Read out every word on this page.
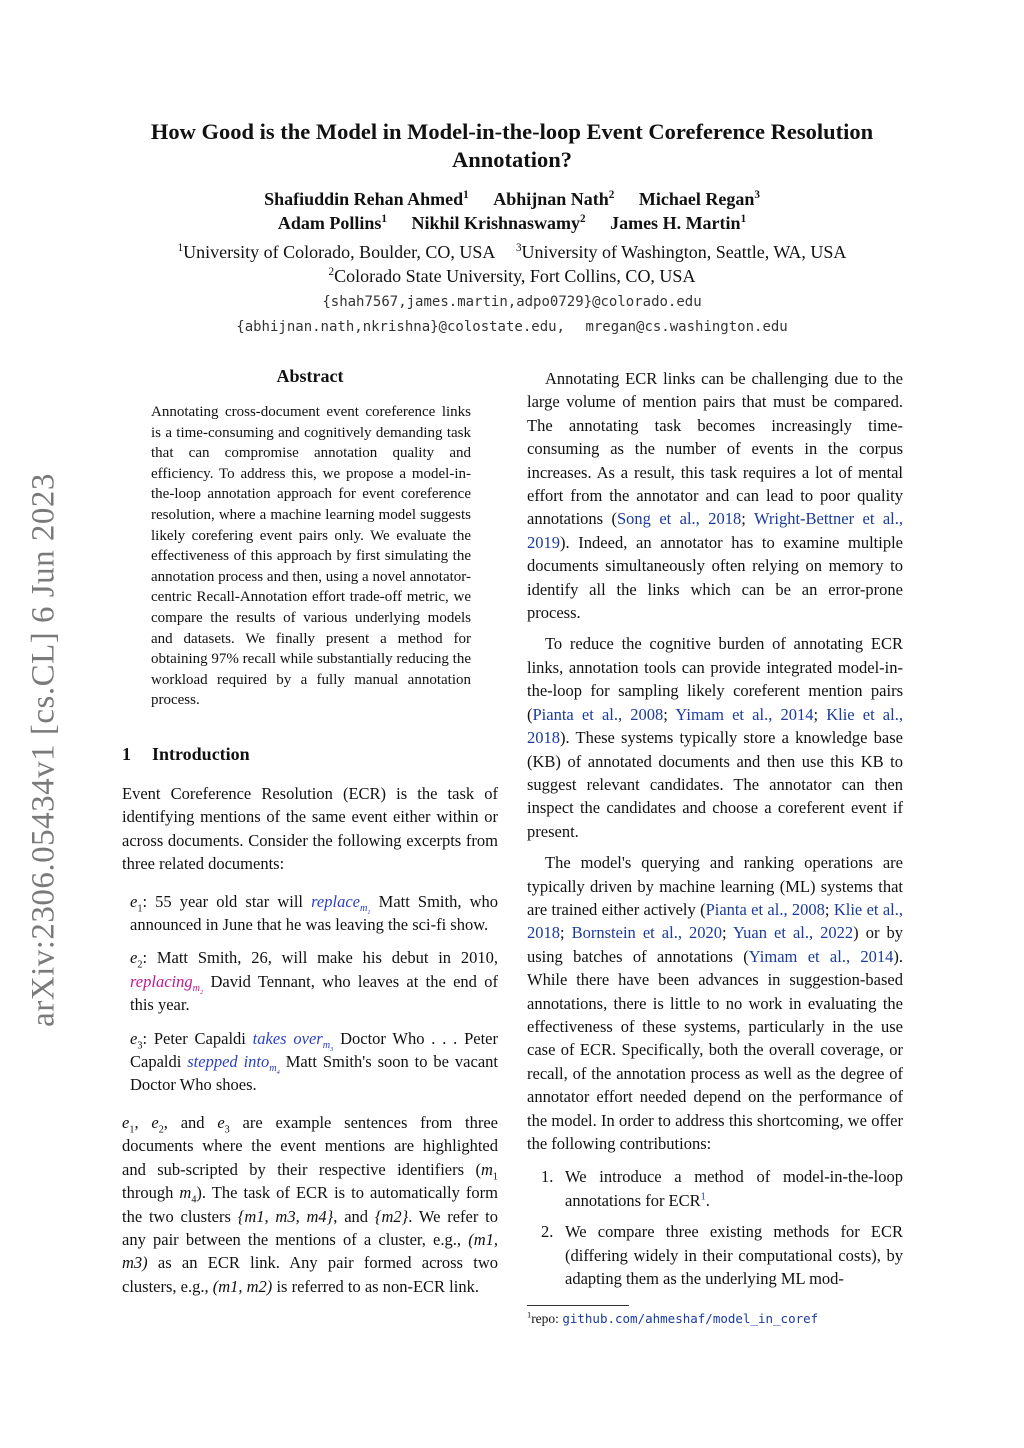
arXiv:2306.05434v1 [cs.CL] 6 Jun 2023
How Good is the Model in Model-in-the-loop Event Coreference Resolution
Annotation?
Shafiuddin Rehan Ahmed$^1$ Abhijnan Nath$^2$ Michael Regan$^3$
Adam Pollins$^1$ Nikhil Krishnaswamy$^2$ James H. Martin$^1$
$^1$University of Colorado, Boulder, CO, USA $^3$University of Washington, Seattle, WA, USA
$^2$Colorado State University, Fort Collins, CO, USA
{shah7567,james.martin,adpo0729}@colorado.edu
{abhijnan.nath,nkrishna}@colostate.edu, mregan@cs.washington.edu
Abstract
Annotating cross-document event coreference links is a time-consuming and cognitively demanding task that can compromise annotation quality and efficiency. To address this, we propose a model-in-the-loop annotation approach for event coreference resolution, where a machine learning model suggests likely corefering event pairs only. We evaluate the effectiveness of this approach by first simulating the annotation process and then, using a novel annotator-centric Recall-Annotation effort trade-off metric, we compare the results of various underlying models and datasets. We finally present a method for obtaining 97% recall while substantially reducing the workload required by a fully manual annotation process.
1 Introduction

Event Coreference Resolution (ECR) is the task of identifying mentions of the same event either within or across documents. Consider the following excerpts from three related documents:

$e_1$: 55 year old star will replace$_{m_1}$ Matt Smith, who announced in June that he was leaving the sci-fi show.
$e_2$: Matt Smith, 26, will make his debut in 2010, replacing$_{m_2}$ David Tennant, who leaves at the end of this year.
$e_3$: Peter Capaldi takes over$_{m_3}$ Doctor Who . . . Peter Capaldi stepped into$_{m_4}$ Matt Smith's soon to be vacant Doctor Who shoes.

$e_1$, $e_2$, and $e_3$ are example sentences from three documents where the event mentions are highlighted and sub-scripted by their respective identifiers ($m_1$ through $m_4$). The task of ECR is to automatically form the two clusters {m1, m3, m4}, and {m2}. We refer to any pair between the mentions of a cluster, e.g., (m1, m3) as an ECR link. Any pair formed across two clusters, e.g., (m1, m2) is referred to as non-ECR link.

Annotating ECR links can be challenging due to the large volume of mention pairs that must be compared. The annotating task becomes increasingly time-consuming as the number of events in the corpus increases. As a result, this task requires a lot of mental effort from the annotator and can lead to poor quality annotations (Song et al., 2018; Wright-Bettner et al., 2019). Indeed, an annotator has to examine multiple documents simultaneously often relying on memory to identify all the links which can be an error-prone process.

To reduce the cognitive burden of annotating ECR links, annotation tools can provide integrated model-in-the-loop for sampling likely coreferent mention pairs (Pianta et al., 2008; Yimam et al., 2014; Klie et al., 2018). These systems typically store a knowledge base (KB) of annotated documents and then use this KB to suggest relevant candidates. The annotator can then inspect the candidates and choose a coreferent event if present.

The model's querying and ranking operations are typically driven by machine learning (ML) systems that are trained either actively (Pianta et al., 2008; Klie et al., 2018; Bornstein et al., 2020; Yuan et al., 2022) or by using batches of annotations (Yimam et al., 2014). While there have been advances in suggestion-based annotations, there is little to no work in evaluating the effectiveness of these systems, particularly in the use case of ECR. Specifically, both the overall coverage, or recall, of the annotation process as well as the degree of annotator effort needed depend on the performance of the model. In order to address this shortcoming, we offer the following contributions:

1. We introduce a method of model-in-the-loop annotations for ECR$^1$.
2. We compare three existing methods for ECR (differing widely in their computational costs), by adapting them as the underlying ML mod-
$^1$repo: github.com/ahmeshaf/model_in_coref
